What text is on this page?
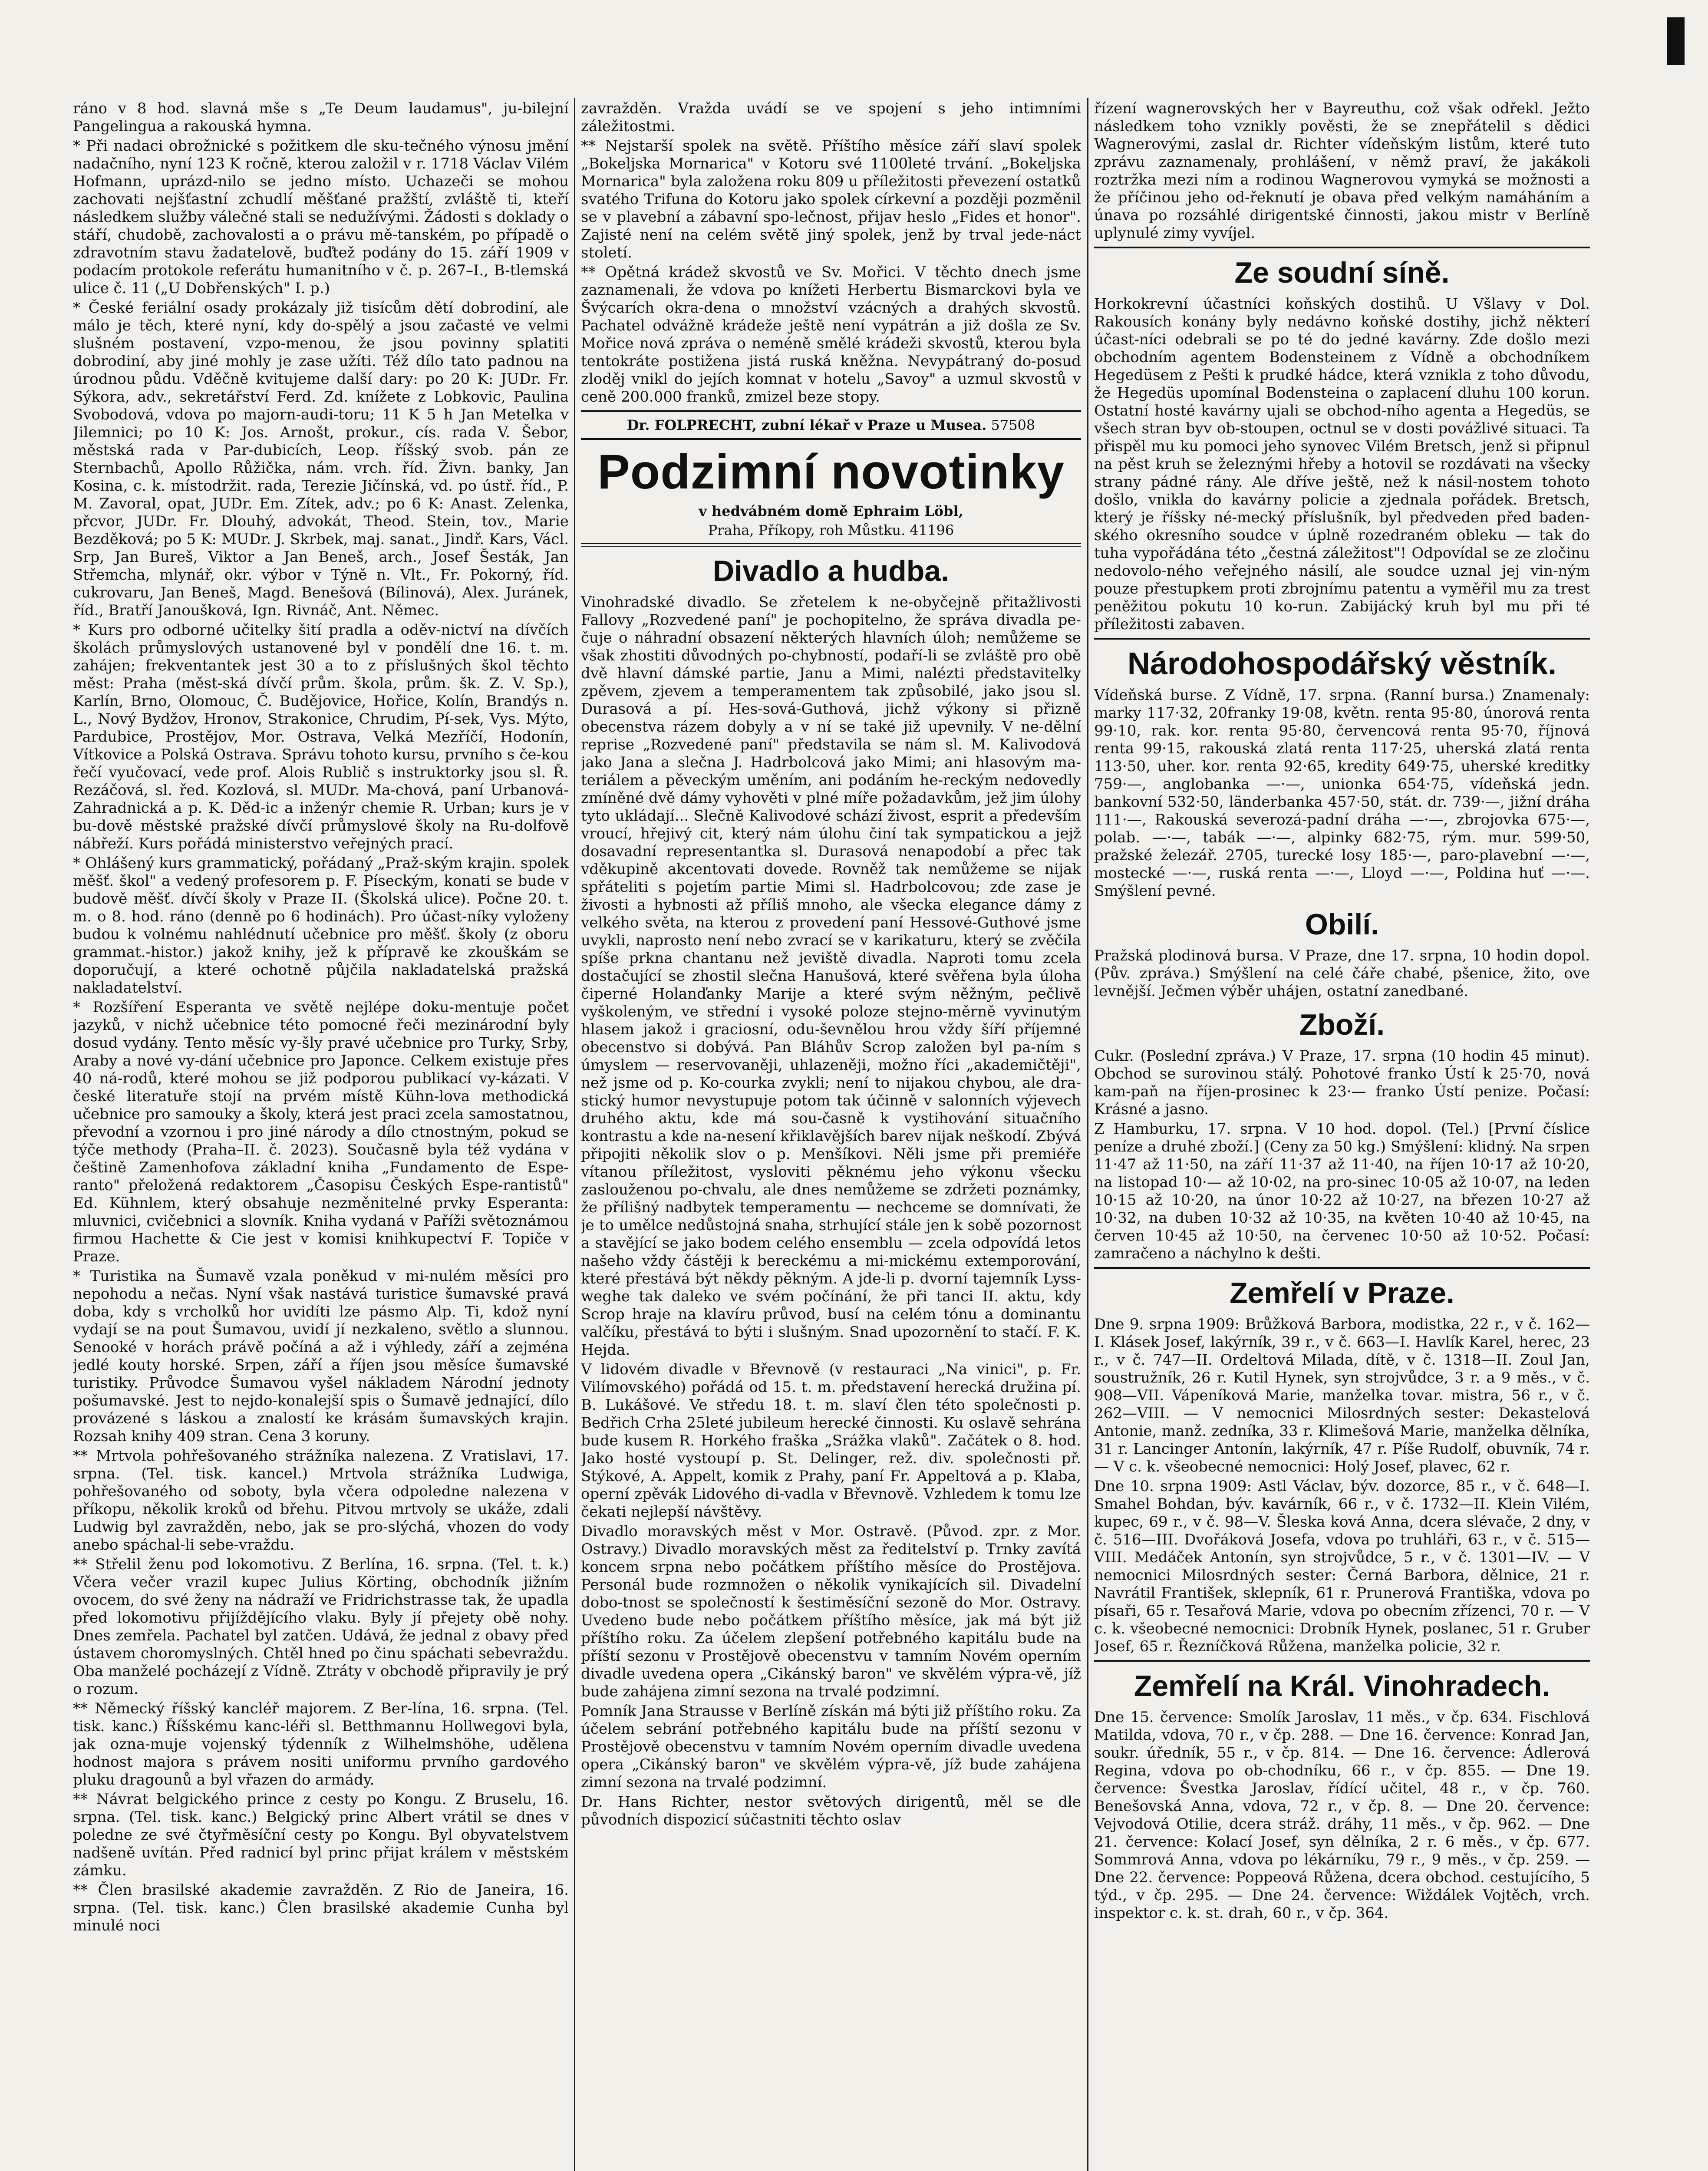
ráno v 8 hod. slavná mše s „Te Deum laudamus", ju-bilejní Pangelingua a rakouská hymna.

* Při nadaci obrožnické s požitkem dle sku-tečného výnosu jmění nadačního, nyní 123 K ročně, kterou založil v r. 1718 Václav Vilém Hofmann, uprázd-nilo se jedno místo. Uchazeči se mohou zachovati nejšťastní zchudlí měšťané pražští, zvláště ti, kteří následkem služby válečné stali se nedužívými. Žádosti s doklady o stáří, chudobě, zachovalosti a o právu mě-tanském, po případě o zdravotním stavu žadatelově, buďtež podány do 15. září 1909 v podacím protokole referátu humanitního v č. p. 267–I., B-tlemská ulice č. 11 („U Dobřenských" I. p.)

* České feriální osady prokázaly již tisícům dětí dobrodiní, ale málo je těch, které nyní, kdy do-spělý a jsou začasté ve velmi slušném postavení, vzpo-menou, že jsou povinny splatiti dobrodiní, aby jiné mohly je zase užíti. Též dílo tato padnou na úrodnou půdu. Vděčně kvitujeme další dary: po 20 K: JUDr. Fr. Sýkora, adv., sekretářství Ferd. Zd. knížete z Lobkovic, Paulina Svobodová, vdova po majorn-audi-toru; 11 K 5 h Jan Metelka v Jilemnici; po 10 K: Jos. Arnošt, prokur., cís. rada V. Šebor, městská rada v Par-dubicích, Leop. říšský svob. pán ze Sternbachů, Apollo Růžička, nám. vrch. říd. Živn. banky, Jan Kosina, c. k. místodržit. rada, Terezie Jičínská, vd. po ústř. říd., P. M. Zavoral, opat, JUDr. Em. Zítek, adv.; po 6 K: Anast. Zelenka, přcvor, JUDr. Fr. Dlouhý, advokát, Theod. Stein, tov., Marie Bezděková; po 5 K: MUDr. J. Skrbek, maj. sanat., Jindř. Kars, Václ. Srp, Jan Bureš, Viktor a Jan Beneš, arch., Josef Šesták, Jan Střemcha, mlynář, okr. výbor v Týně n. Vlt., Fr. Pokorný, říd. cukrovaru, Jan Beneš, Magd. Benešová (Bílinová), Alex. Juránek, říd., Bratří Janoušková, Ign. Rivnáč, Ant. Němec.

* Kurs pro odborné učitelky šití pradla a oděv-nictví na dívčích školách průmyslových ustanovené byl v pondělí dne 16. t. m. zahájen; frekventantek jest 30 a to z příslušných škol těchto měst: Praha (měst-ská dívčí prům. škola, prům. šk. Z. V. Sp.), Karlín, Brno, Olomouc, Č. Budějovice, Hořice, Kolín, Brandýs n. L., Nový Bydžov, Hronov, Strakonice, Chrudim, Pí-sek, Vys. Mýto, Pardubice, Prostějov, Mor. Ostrava, Velká Mezříčí, Hodonín, Vítkovice a Polská Ostrava. Správu tohoto kursu, prvního s če-kou řečí vyučovací, vede prof. Alois Rublič s instruktorky jsou sl. Ř. Rezáčová, sl. řed. Kozlová, sl. MUDr. Ma-chová, paní Urbanová-Zahradnická a p. K. Děd-ic a inženýr chemie R. Urban; kurs je v bu-dově městské pražské dívčí průmyslové školy na Ru-dolfově nábřeží. Kurs pořádá ministerstvo veřejných prací.

* Ohlášený kurs grammatický, pořádaný „Praž-ským krajin. spolek měšť. škol" a vedený profesorem p. F. Píseckým, konati se bude v budově měšť. dívčí školy v Praze II. (Školská ulice). Počne 20. t. m. o 8. hod. ráno (denně po 6 hodinách). Pro účast-níky vyloženy budou k volnému nahlédnutí učebnice pro měšť. školy (z oboru grammat.-histor.) jakož knihy, jež k přípravě ke zkouškám se doporučují, a které ochotně půjčila nakladatelská pražská nakladatelství.

* Rozšíření Esperanta ve světě nejlépe doku-mentuje počet jazyků, v nichž učebnice této pomocné řeči mezinárodní byly dosud vydány. Tento měsíc vy-šly pravé učebnice pro Turky, Srby, Araby a nové vy-dání učebnice pro Japonce. Celkem existuje přes 40 ná-rodů, které mohou se již podporou publikací vy-kázati. V české literatuře stojí na prvém místě Kühn-lova methodická učebnice pro samouky a školy, která jest praci zcela samostatnou, převodní a vzornou i pro jiné národy a dílo ctnostným, pokud se týče methody (Praha–II. č. 2023). Současně byla též vydána v češtině Zamenhofova základní kniha „Fundamento de Espe-ranto" přeložená redaktorem „Časopisu Českých Espe-rantistů" Ed. Kühnlem, který obsahuje nezměnitelné prvky Esperanta: mluvnici, cvičebnici a slovník. Kniha vydaná v Paříži světoznámou firmou Hachette & Cie jest v komisi knihkupectví F. Topiče v Praze.

* Turistika na Šumavě vzala poněkud v mi-nulém měsíci pro nepohodu a nečas. Nyní však nastává turistice šumavské pravá doba, kdy s vrcholků hor uvidíti lze pásmo Alp. Ti, kdož nyní vydají se na pout Šumavou, uvidí jí nezkaleno, světlo a slunnou. Senooké v horách právě počíná a až i výhledy, září a zejména jedlé kouty horské. Srpen, září a říjen jsou měsíce šumavské turistiky. Průvodce Šumavou vyšel nákladem Národní jednoty pošumavské. Jest to nejdo-konalejší spis o Šumavě jednající, dílo provázené s láskou a znalostí ke krásám šumavských krajin. Rozsah knihy 409 stran. Cena 3 koruny.

** Mrtvola pohřešovaného strážníka nalezena. Z Vratislavi, 17. srpna. (Tel. tisk. kancel.) Mrtvola strážníka Ludwiga, pohřešovaného od soboty, byla včera odpoledne nalezena v příkopu, několik kroků od břehu. Pitvou mrtvoly se ukáže, zdali Ludwig byl zavražděn, nebo, jak se pro-slýchá, vhozen do vody anebo spáchal-li sebe-vraždu.

** Střelil ženu pod lokomotivu. Z Berlína, 16. srpna. (Tel. t. k.) Včera večer vrazil kupec Julius Körting, obchodník jižním ovocem, do své ženy na nádraží ve Fridrichstrasse tak, že upadla před lokomotivu přijíždějícího vlaku. Byly jí přejety obě nohy. Dnes zemřela. Pachatel byl zatčen. Udává, že jednal z obavy před ústavem choromyslných. Chtěl hned po činu spáchati sebevraždu. Oba manželé pocházejí z Vídně. Ztráty v obchodě připravily je prý o rozum.

** Německý říšský kancléř majorem. Z Ber-lína, 16. srpna. (Tel. tisk. kanc.) Říšskému kanc-léři sl. Betthmannu Hollwegovi byla, jak ozna-muje vojenský týdenník z Wilhelmshöhe, udělena hodnost majora s právem nositi uniformu prvního gardového pluku dragounů a byl vřazen do armády.

** Návrat belgického prince z cesty po Kongu. Z Bruselu, 16. srpna. (Tel. tisk. kanc.) Belgický princ Albert vrátil se dnes v poledne ze své čtyřměsíční cesty po Kongu. Byl obyvatelstvem nadšeně uvítán. Před radnicí byl princ přijat králem v městském zámku.

** Člen brasilské akademie zavražděn. Z Rio de Janeira, 16. srpna. (Tel. tisk. kanc.) Člen brasilské akademie Cunha byl minulé noci

zavražděn. Vražda uvádí se ve spojení s jeho intimními záležitostmi.

** Nejstarší spolek na světě. Příštího měsíce září slaví spolek „Bokeljska Mornarica" v Kotoru své 1100leté trvání. „Bokeljska Mornarica" byla založena roku 809 u příležitosti převezení ostatků svatého Trifuna do Kotoru jako spolek církevní a později pozměnil se v plavební a zábavní spo-lečnost, přijav heslo „Fides et honor". Zajisté není na celém světě jiný spolek, jenž by trval jede-náct století.

** Opětná krádež skvostů ve Sv. Mořici. V těchto dnech jsme zaznamenali, že vdova po knížeti Herbertu Bismarckovi byla ve Švýcarích okra-dena o množství vzácných a drahých skvostů. Pachatel odvážně krádeže ještě není vypátrán a již došla ze Sv. Mořice nová zpráva o neméně smělé krádeži skvostů, kterou byla tentokráte postižena jistá ruská kněžna. Nevypátraný do-posud zloděj vnikl do jejích komnat v hotelu „Savoy" a uzmul skvostů v ceně 200.000 franků, zmizel beze stopy.

Dr. FOLPRECHT, zubní lékař v Praze u Musea. 57508
Podzimní novotinky
v hedvábném domě Ephraim Löbl,
Praha, Příkopy, roh Můstku. 41196
Divadlo a hudba.

Vinohradské divadlo. Se zřetelem k ne-obyčejně přitažlivosti Fallovy „Rozvedené paní" je pochopitelno, že správa divadla pe-čuje o náhradní obsazení některých hlavních úloh; nemůžeme se však zhostiti důvodných po-chybností, podaří-li se zvláště pro obě dvě hlavní dámské partie, Janu a Mimi, nalézti představitelky zpěvem, zjevem a temperamentem tak způsobilé, jako jsou sl. Durasová a pí. Hes-sová-Guthová, jichž výkony si přizně obecenstva rázem dobyly a v ní se také již upevnily. V ne-dělní reprise „Rozvedené paní" představila se nám sl. M. Kalivodová jako Jana a slečna J. Hadrbolcová jako Mimi; ani hlasovým ma-teriálem a pěveckým uměním, ani podáním he-reckým nedovedly zmíněné dvě dámy vyhověti v plné míře požadavkům, jež jim úlohy tyto ukládají... Slečně Kalivodové schází živost, esprit a především vroucí, hřejivý cit, který nám úlohu činí tak sympatickou a jejž dosavadní representantka sl. Durasová nenapodobí a přec tak vděkupině akcentovati dovede. Rovněž tak nemůžeme se nijak spřáteliti s pojetím partie Mimi sl. Hadrbolcovou; zde zase je živosti a hybnosti až příliš mnoho, ale všecka elegance dámy z velkého světa, na kterou z provedení paní Hessové-Guthové jsme uvykli, naprosto není nebo zvrací se v karikaturu, který se zvěčila spíše prkna chantanu než jeviště divadla. Naproti tomu zcela dostačující se zhostil slečna Hanušová, které svěřena byla úloha čiperné Holanďanky Marije a které svým něžným, pečlivě vyškoleným, ve střední i vysoké poloze stejno-měrně vyvinutým hlasem jakož i graciosní, odu-ševnělou hrou vždy šíří příjemné obecenstvo si dobývá. Pan Bláhův Scrop založen byl pa-ním s úmyslem — reservovaněji, uhlazeněji, možno říci „akademičtěji", než jsme od p. Ko-courka zvykli; není to nijakou chybou, ale dra-stický humor nevystupuje potom tak účinně v salonních výjevech druhého aktu, kde má sou-časně k vystihování situačního kontrastu a kde na-nesení křiklavějších barev nijak neškodí. Zbývá připojiti několik slov o p. Menšíkovi. Něli jsme při premiéře vítanou příležitost, vysloviti pěknému jeho výkonu všecku zaslouženou po-chvalu, ale dnes nemůžeme se zdržeti poznámky, že přílišný nadbytek temperamentu — nechceme se domnívati, že je to umělce nedůstojná snaha, strhující stále jen k sobě pozornost a stavějící se jako bodem celého ensemblu — zcela odpovídá letos našeho vždy částěji k bereckému a mi-mickému extemporování, které přestává být někdy pěkným. A jde-li p. dvorní tajemník Lyss-weghe tak daleko ve svém počínání, že při tanci II. aktu, kdy Scrop hraje na klavíru průvod, busí na celém tónu a dominantu valčíku, přestává to býti i slušným. Snad upozornění to stačí. F. K. Hejda.

V lidovém divadle v Břevnově (v restauraci „Na vinici", p. Fr. Vilímovského) pořádá od 15. t. m. představení herecká družina pí. B. Lukášové. Ve středu 18. t. m. slaví člen této společnosti p. Bedřich Crha 25leté jubileum herecké činnosti. Ku oslavě sehrána bude kusem R. Horkého fraška „Srážka vlaků". Začátek o 8. hod. Jako hosté vystoupí p. St. Delinger, rež. div. společnosti př. Stýkové, A. Appelt, komik z Prahy, paní Fr. Appeltová a p. Klaba, operní zpěvák Lidového di-vadla v Břevnově. Vzhledem k tomu lze čekati nejlepší návštěvy.

Divadlo moravských měst v Mor. Ostravě. (Původ. zpr. z Mor. Ostravy.) Divadlo moravských měst za ředitelství p. Trnky zavítá koncem srpna nebo počátkem příštího měsíce do Prostějova. Personál bude rozmnožen o několik vynikajících sil. Divadelní dobo-tnost se společností k šestiměsíční sezoně do Mor. Ostravy. Uvedeno bude nebo počátkem příštího měsíce, jak má být již příštího roku. Za účelem zlepšení potřebného kapitálu bude na příští sezonu v Prostějově obecenstvu v tamním Novém operním divadle uvedena opera „Cikánský baron" ve skvělém výpra-vě, jíž bude zahájena zimní sezona na trvalé podzimní.

Pomník Jana Strausse v Berlíně získán má býti již příštího roku. Za účelem sebrání potřebného kapitálu bude na příští sezonu v Prostějově obecenstvu v tamním Novém operním divadle uvedena opera „Cikánský baron" ve skvělém výpra-vě, jíž bude zahájena zimní sezona na trvalé podzimní.

Dr. Hans Richter, nestor světových dirigentů, měl se dle původních dispozicí súčastniti těchto oslav

řízení wagnerovských her v Bayreuthu, což však odřekl. Ježto následkem toho vznikly pověsti, že se znepřátelil s dědici Wagnerovými, zaslal dr. Richter vídeňským listům, které tuto zprávu zaznamenaly, prohlášení, v němž praví, že jakákoli roztržka mezi ním a rodinou Wagnerovou vymyká se možnosti a že příčinou jeho od-řeknutí je obava před velkým namáháním a únava po rozsáhlé dirigentské činnosti, jakou mistr v Berlíně uplynulé zimy vyvíjel.

Ze soudní síně.

Horkokrevní účastníci koňských dostihů. U Všlavy v Dol. Rakousích konány byly nedávno koňské dostihy, jichž některí účast-níci odebrali se po té do jedné kavárny. Zde došlo mezi obchodním agentem Bodensteinem z Vídně a obchodníkem Hegedüsem z Pešti k prudké hádce, která vznikla z toho důvodu, že Hegedüs upomínal Bodensteina o zaplacení dluhu 100 korun. Ostatní hosté kavárny ujali se obchod-ního agenta a Hegedüs, se všech stran byv ob-stoupen, octnul se v dosti povážlivé situaci. Ta přispěl mu ku pomoci jeho synovec Vilém Bretsch, jenž si připnul na pěst kruh se železnými hřeby a hotovil se rozdávati na všecky strany pádné rány. Ale dříve ještě, než k násil-nostem tohoto došlo, vnikla do kavárny policie a zjednala pořádek. Bretsch, který je říšsky né-mecký příslušník, byl předveden před baden-ského okresního soudce v úplně rozedraném obleku — tak do tuha vypořádána této „čestná záležitost"! Odpovídal se ze zločinu nedovolo-ného veřejného násilí, ale soudce uznal jej vin-ným pouze přestupkem proti zbrojnímu patentu a vyměřil mu za trest peněžitou pokutu 10 ko-run. Zabijácký kruh byl mu při té příležitosti zabaven.

Národohospodářský věstník.

Vídeňská burse. Z Vídně, 17. srpna. (Ranní bursa.) Znamenaly: marky 117·32, 20franky 19·08, květn. renta 95·80, únorová renta 99·10, rak. kor. renta 95·80, červencová renta 95·70, říjnová renta 99·15, rakouská zlatá renta 117·25, uherská zlatá renta 113·50, uher. kor. renta 92·65, kredity 649·75, uherské kreditky 759·—, anglobanka —·—, unionka 654·75, vídeňská jedn. bankovní 532·50, länderbanka 457·50, stát. dr. 739·—, jižní dráha 111·—, Rakouská severozá-padní dráha —·—, zbrojovka 675·—, polab. —·—, tabák —·—, alpinky 682·75, rým. mur. 599·50, pražské železář. 2705, turecké losy 185·—, paro-plavební —·—, mostecké —·—, ruská renta —·—, Lloyd —·—, Poldina huť —·—. Smýšlení pevné.

Obilí.

Pražská plodinová bursa. V Praze, dne 17. srpna, 10 hodin dopol. (Pův. zpráva.) Smýšlení na celé čáře chabé, pšenice, žito, ove levnější. Ječmen výběr uhájen, ostatní zanedbané.

Zboží.

Cukr. (Poslední zpráva.) V Praze, 17. srpna (10 hodin 45 minut). Obchod se surovinou stálý. Pohotové franko Ústí k 25·70, nová kam-paň na říjen-prosinec k 23·— franko Ústí penize. Počasí: Krásné a jasno.

Z Hamburku, 17. srpna. V 10 hod. dopol. (Tel.) [První číslice peníze a druhé zboží.] (Ceny za 50 kg.) Smýšlení: klidný. Na srpen 11·47 až 11·50, na září 11·37 až 11·40, na říjen 10·17 až 10·20, na listopad 10·— až 10·02, na pro-sinec 10·05 až 10·07, na leden 10·15 až 10·20, na únor 10·22 až 10·27, na březen 10·27 až 10·32, na duben 10·32 až 10·35, na květen 10·40 až 10·45, na červen 10·45 až 10·50, na červenec 10·50 až 10·52. Počasí: zamračeno a náchylno k dešti.

Zemřelí v Praze.

Dne 9. srpna 1909: Brůžková Barbora, modistka, 22 r., v č. 162—I. Klásek Josef, lakýrník, 39 r., v č. 663—I. Havlík Karel, herec, 23 r., v č. 747—II. Ordeltová Milada, dítě, v č. 1318—II. Zoul Jan, soustružník, 26 r. Kutil Hynek, syn strojvůdce, 3 r. a 9 měs., v č. 908—VII. Vápeníková Marie, manželka tovar. mistra, 56 r., v č. 262—VIII. — V nemocnici Milosrdných sester: Dekastelová Antonie, manž. zedníka, 33 r. Klimešová Marie, manželka dělníka, 31 r. Lancinger Antonín, lakýrník, 47 r. Píše Rudolf, obuvník, 74 r. — V c. k. všeobecné nemocnici: Holý Josef, plavec, 62 r.

Dne 10. srpna 1909: Astl Václav, býv. dozorce, 85 r., v č. 648—I. Smahel Bohdan, býv. kavárník, 66 r., v č. 1732—II. Klein Vilém, kupec, 69 r., v č. 98—V. Šleska ková Anna, dcera slévače, 2 dny, v č. 516—III. Dvořáková Josefa, vdova po truhláři, 63 r., v č. 515—VIII. Medáček Antonín, syn strojvůdce, 5 r., v č. 1301—IV. — V nemocnici Milosrdných sester: Černá Barbora, dělnice, 21 r. Navrátil František, sklepník, 61 r. Prunerová Františka, vdova po písaři, 65 r. Tesařová Marie, vdova po obecním zřízenci, 70 r. — V c. k. všeobecné nemocnici: Drobník Hynek, poslanec, 51 r. Gruber Josef, 65 r. Řezníčková Růžena, manželka policie, 32 r.

Zemřelí na Král. Vinohradech.

Dne 15. července: Smolík Jaroslav, 11 měs., v čp. 634. Fischlová Matilda, vdova, 70 r., v čp. 288. — Dne 16. července: Konrad Jan, soukr. úředník, 55 r., v čp. 814. — Dne 16. července: Ádlerová Regina, vdova po ob-chodníku, 66 r., v čp. 855. — Dne 19. července: Švestka Jaroslav, řídící učitel, 48 r., v čp. 760. Benešovská Anna, vdova, 72 r., v čp. 8. — Dne 20. července: Vejvodová Otilie, dcera stráž. dráhy, 11 měs., v čp. 962. — Dne 21. července: Kolací Josef, syn dělníka, 2 r. 6 měs., v čp. 677. Sommrová Anna, vdova po lékárníku, 79 r., 9 měs., v čp. 259. — Dne 22. července: Poppeová Růžena, dcera obchod. cestujícího, 5 týd., v čp. 295. — Dne 24. července: Wiždálek Vojtěch, vrch. inspektor c. k. st. drah, 60 r., v čp. 364.
